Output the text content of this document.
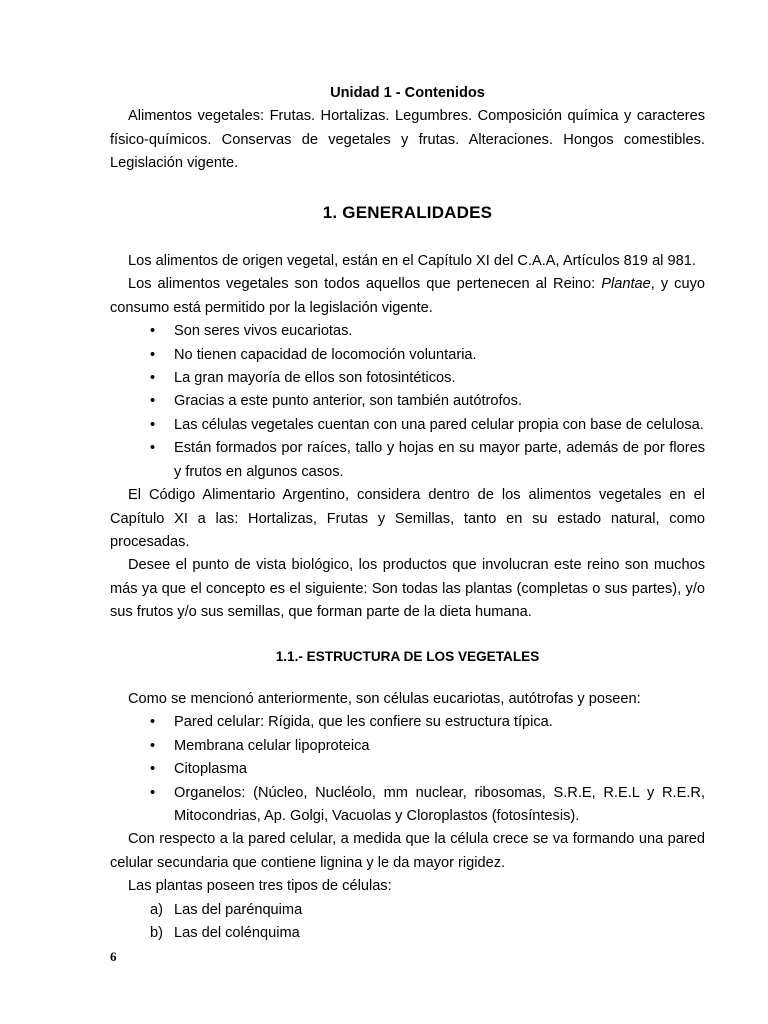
Unidad 1 - Contenidos

Alimentos vegetales: Frutas. Hortalizas. Legumbres. Composición química y caracteres físico-químicos. Conservas de vegetales y frutas. Alteraciones. Hongos comestibles. Legislación vigente.

1. GENERALIDADES

Los alimentos de origen vegetal, están en el Capítulo XI del C.A.A, Artículos 819 al 981.

Los alimentos vegetales son todos aquellos que pertenecen al Reino: Plantae, y cuyo consumo está permitido por la legislación vigente.

• Son seres vivos eucariotas.
• No tienen capacidad de locomoción voluntaria.
• La gran mayoría de ellos son fotosintéticos.
• Gracias a este punto anterior, son también autótrofos.
• Las células vegetales cuentan con una pared celular propia con base de celulosa.
• Están formados por raíces, tallo y hojas en su mayor parte, además de por flores y frutos en algunos casos.

El Código Alimentario Argentino, considera dentro de los alimentos vegetales en el Capítulo XI a las: Hortalizas, Frutas y Semillas, tanto en su estado natural, como procesadas.

Desee el punto de vista biológico, los productos que involucran este reino son muchos más ya que el concepto es el siguiente: Son todas las plantas (completas o sus partes), y/o sus frutos y/o sus semillas, que forman parte de la dieta humana.

1.1.- ESTRUCTURA DE LOS VEGETALES

Como se mencionó anteriormente, son células eucariotas, autótrofas y poseen:

• Pared celular: Rígida, que les confiere su estructura típica.
• Membrana celular lipoproteica
• Citoplasma
• Organelos: (Núcleo, Nucléolo, mm nuclear, ribosomas, S.R.E, R.E.L y R.E.R, Mitocondrias, Ap. Golgi, Vacuolas y Cloroplastos (fotosíntesis).

Con respecto a la pared celular, a medida que la célula crece se va formando una pared celular secundaria que contiene lignina y le da mayor rigidez.

Las plantas poseen tres tipos de células:

a) Las del parénquima
b) Las del colénquima
6
